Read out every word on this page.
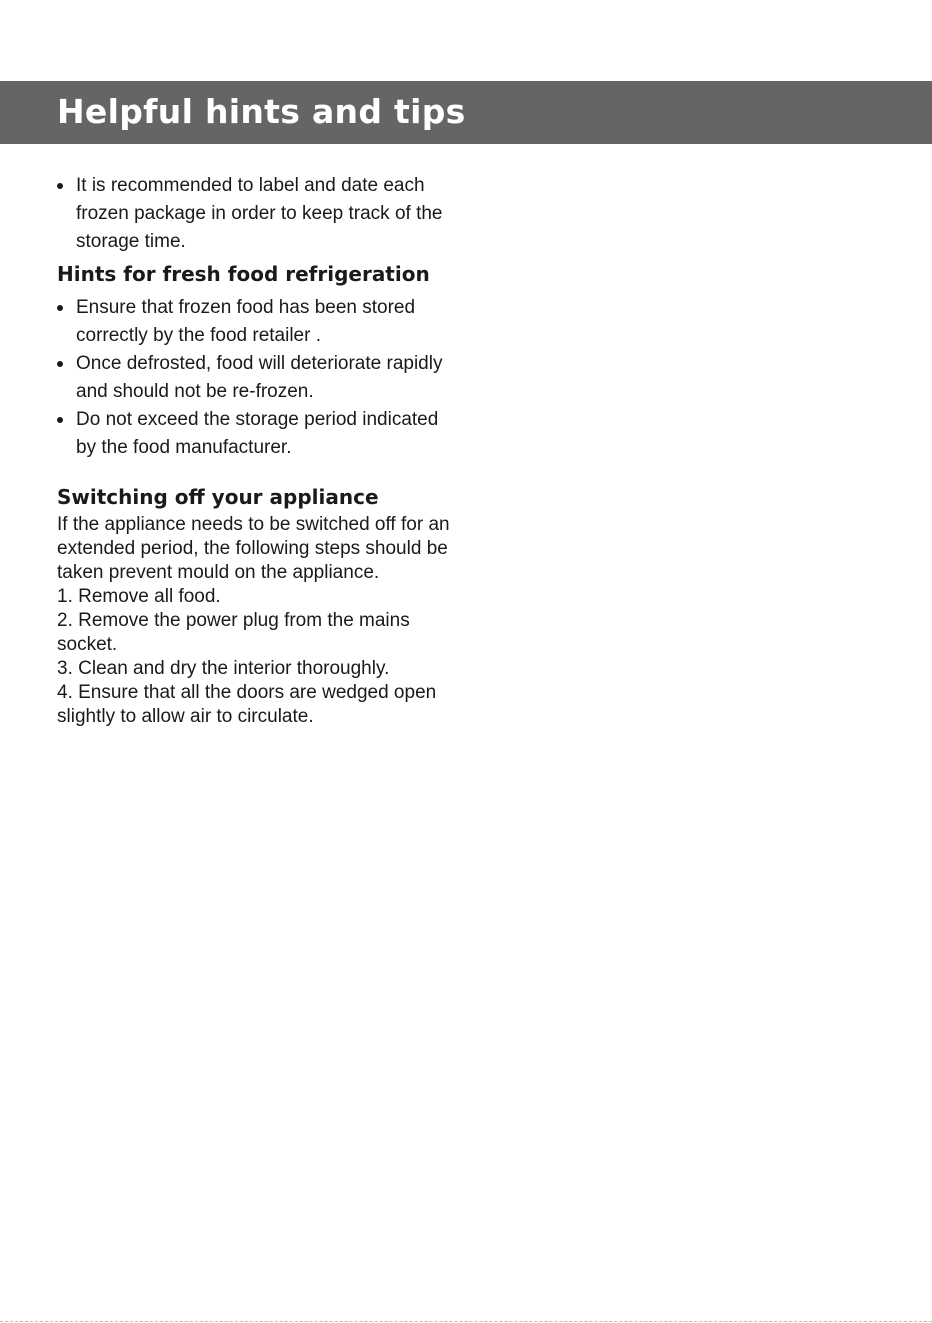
Helpful hints and tips
It is recommended to label and date each frozen package in order to keep track of the storage time.
Hints for fresh food refrigeration
Ensure that frozen food has been stored correctly by the food retailer .
Once defrosted, food will deteriorate rapidly and should not be re-frozen.
Do not exceed the storage period indicated by the food manufacturer.
Switching off your appliance

If the appliance needs to be switched off for an extended period, the following steps should be taken prevent mould on the appliance.

1. Remove all food.
2. Remove the power plug from the mains socket.
3. Clean and dry the interior thoroughly.
4. Ensure that all the doors are wedged open slightly to allow air to circulate.
